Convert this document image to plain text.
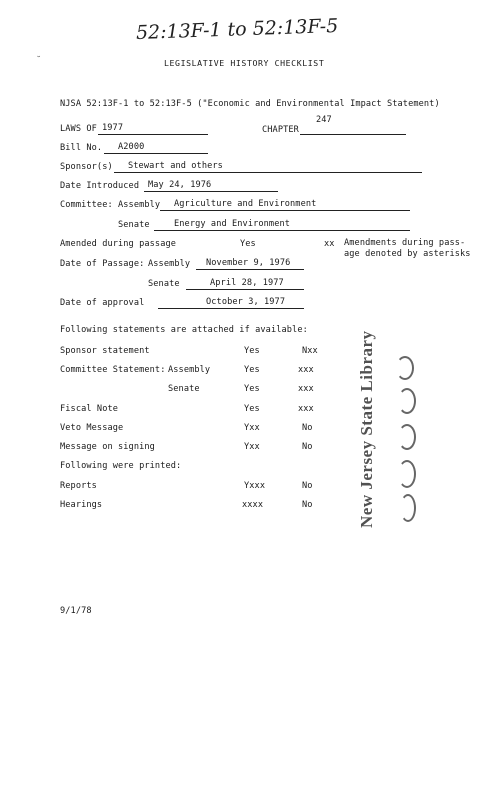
52:13F-1 to 52:13F-5
˘	LEGISLATIVE HISTORY CHECKLIST
NJSA 52:13F-1 to 52:13F-5 ("Economic and Environmental Impact Statement)
LAWS OF 1977	CHAPTER
247
Bill No. A2000
Sponsor(s) Stewart and others
Date Introduced May 24, 1976
Committee: Assembly Agriculture and Environment
Senate	Energy and Environment
Amended during passage	Yes	xx Amendments during pass-
age denoted by asterisks
Date of Passage: Assembly November 9, 1976
Senate	April 28, 1977
Date of approval	October 3, 1977
Following statements are attached if available:
Sponsor statement	Yes	Nxx
Committee Statement: Assembly	Yes	xxx
Senate	Yes	xxx
Fiscal Note	Yes	xxx
Veto Message	Yxx	No
Message on signing	Yxx	No
Following were printed:
Reports	Yxxx	No
Hearings	xxxx	No	New Jersey State Library
9/1/78
